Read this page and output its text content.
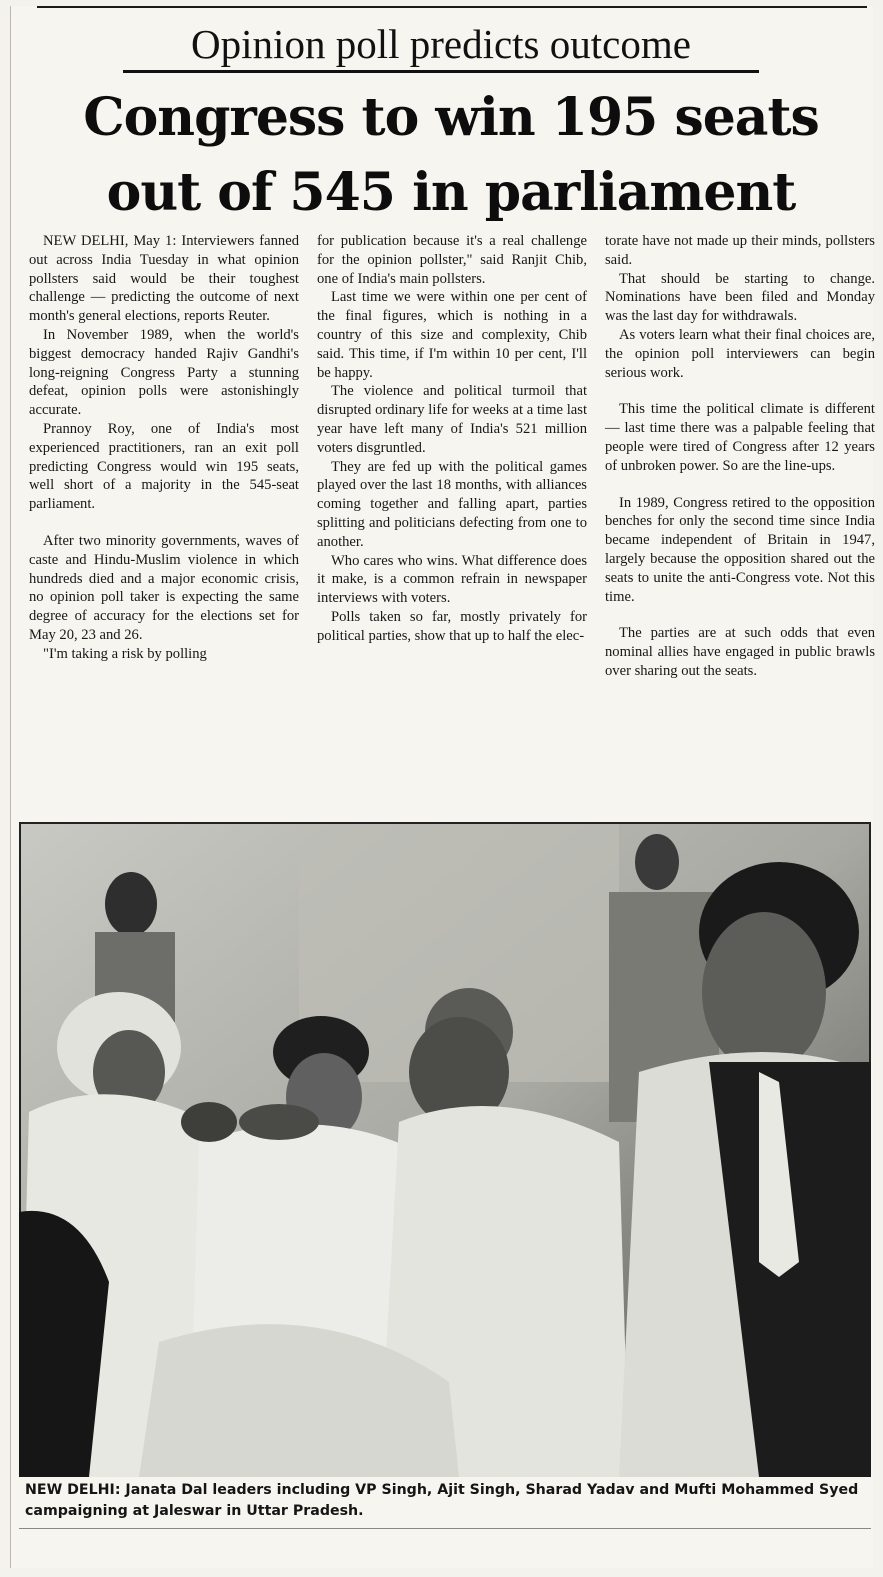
Opinion poll predicts outcome
Congress to win 195 seats out of 545 in parliament

NEW DELHI, May 1: Interviewers fanned out across India Tuesday in what opinion pollsters said would be their toughest challenge — predicting the outcome of next month's general elections, reports Reuter.

In November 1989, when the world's biggest democracy handed Rajiv Gandhi's long-reigning Congress Party a stunning defeat, opinion polls were astonishingly accurate.

Prannoy Roy, one of India's most experienced practitioners, ran an exit poll predicting Congress would win 195 seats, well short of a majority in the 545-seat parliament.

After two minority governments, waves of caste and Hindu-Muslim violence in which hundreds died and a major economic crisis, no opinion poll taker is expecting the same degree of accuracy for the elections set for May 20, 23 and 26.

"I'm taking a risk by polling

for publication because it's a real challenge for the opinion pollster," said Ranjit Chib, one of India's main pollsters.

Last time we were within one per cent of the final figures, which is nothing in a country of this size and complexity, Chib said. This time, if I'm within 10 per cent, I'll be happy.

The violence and political turmoil that disrupted ordinary life for weeks at a time last year have left many of India's 521 million voters disgruntled.

They are fed up with the political games played over the last 18 months, with alliances coming together and falling apart, parties splitting and politicians defecting from one to another.

Who cares who wins. What difference does it make, is a common refrain in newspaper interviews with voters.

Polls taken so far, mostly privately for political parties, show that up to half the elec-

torate have not made up their minds, pollsters said.

That should be starting to change. Nominations have been filed and Monday was the last day for withdrawals.

As voters learn what their final choices are, the opinion poll interviewers can begin serious work.

This time the political climate is different — last time there was a palpable feeling that people were tired of Congress after 12 years of unbroken power. So are the line-ups.

In 1989, Congress retired to the opposition benches for only the second time since India became independent of Britain in 1947, largely because the opposition shared out the seats to unite the anti-Congress vote. Not this time.

The parties are at such odds that even nominal allies have engaged in public brawls over sharing out the seats.

NEW DELHI: Janata Dal leaders including VP Singh, Ajit Singh, Sharad Yadav and Mufti Mohammed Syed campaigning at Jaleswar in Uttar Pradesh.
